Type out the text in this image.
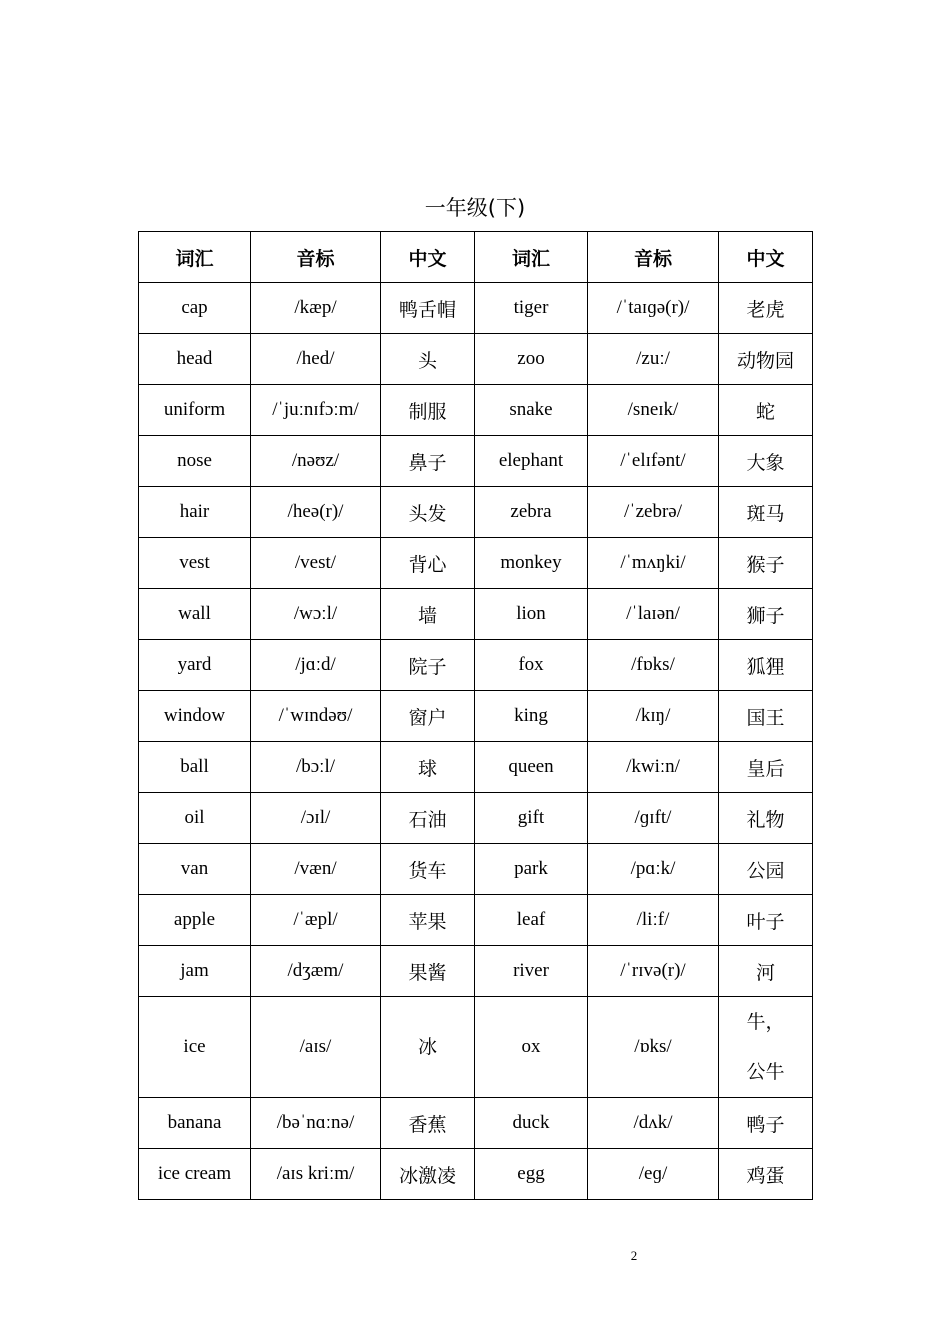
一年级(下)
词汇	音标	中文	词汇	音标	中文
cap	/kæp/	鸭舌帽	tiger	/ˈtaɪɡə(r)/	老虎
head	/hed/	头	zoo	/zuː/	动物园
uniform	/ˈjuːnɪfɔːm/	制服	snake	/sneɪk/	蛇
nose	/nəʊz/	鼻子	elephant	/ˈelɪfənt/	大象
hair	/heə(r)/	头发	zebra	/ˈzebrə/	斑马
vest	/vest/	背心	monkey	/ˈmʌŋki/	猴子
wall	/wɔːl/	墙	lion	/ˈlaɪən/	狮子
yard	/jɑːd/	院子	fox	/fɒks/	狐狸
window	/ˈwɪndəʊ/	窗户	king	/kɪŋ/	国王
ball	/bɔːl/	球	queen	/kwiːn/	皇后
oil	/ɔɪl/	石油	gift	/ɡɪft/	礼物
van	/væn/	货车	park	/pɑːk/	公园
apple	/ˈæpl/	苹果	leaf	/liːf/	叶子
jam	/dʒæm/	果酱	river	/ˈrɪvə(r)/	河
ice	/aɪs/	冰	ox	/ɒks/	牛，公牛

banana	/bəˈnɑːnə/	香蕉	duck	/dʌk/	鸭子
ice cream	/aɪs kriːm/	冰激凌	egg	/eɡ/	鸡蛋
2
